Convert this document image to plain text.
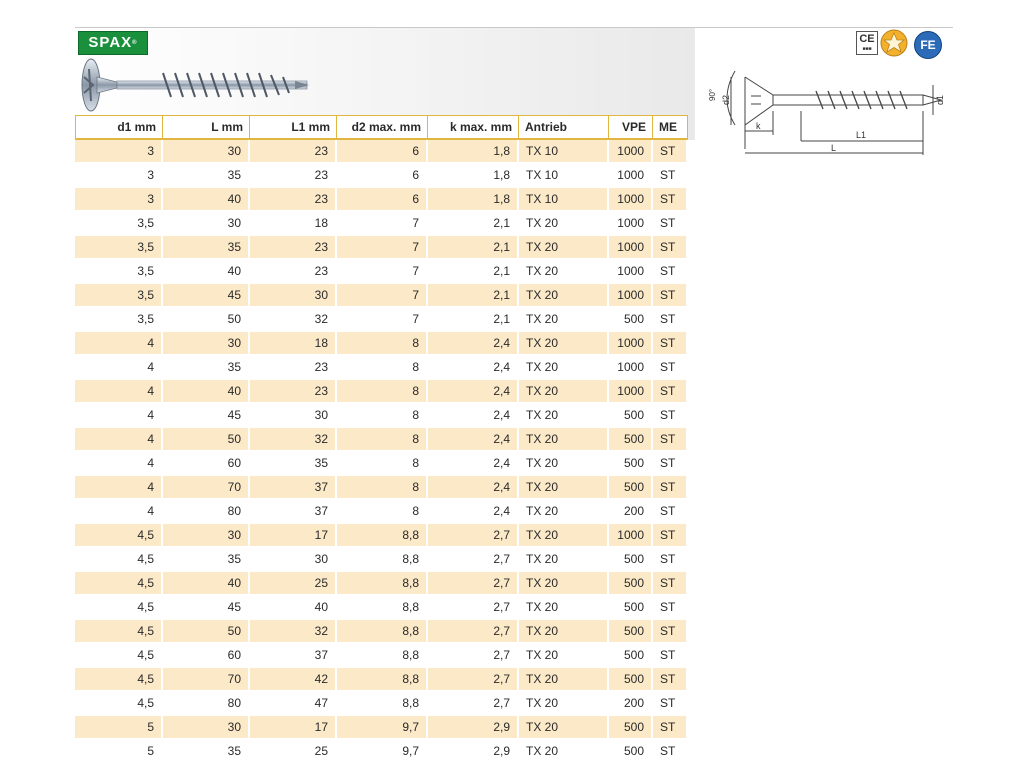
SPAX®	CE
■■■	FE
90° d2	d1
k
L1
L
d1 mm	L mm	L1 mm	d2 max. mm	k max. mm	Antrieb	VPE	ME
3	30	23	6	1,8	TX 10	1000	ST
3	35	23	6	1,8	TX 10	1000	ST
3	40	23	6	1,8	TX 10	1000	ST
3,5	30	18	7	2,1	TX 20	1000	ST
3,5	35	23	7	2,1	TX 20	1000	ST
3,5	40	23	7	2,1	TX 20	1000	ST
3,5	45	30	7	2,1	TX 20	1000	ST
3,5	50	32	7	2,1	TX 20	500	ST
4	30	18	8	2,4	TX 20	1000	ST
4	35	23	8	2,4	TX 20	1000	ST
4	40	23	8	2,4	TX 20	1000	ST
4	45	30	8	2,4	TX 20	500	ST
4	50	32	8	2,4	TX 20	500	ST
4	60	35	8	2,4	TX 20	500	ST
4	70	37	8	2,4	TX 20	500	ST
4	80	37	8	2,4	TX 20	200	ST
4,5	30	17	8,8	2,7	TX 20	1000	ST
4,5	35	30	8,8	2,7	TX 20	500	ST
4,5	40	25	8,8	2,7	TX 20	500	ST
4,5	45	40	8,8	2,7	TX 20	500	ST
4,5	50	32	8,8	2,7	TX 20	500	ST
4,5	60	37	8,8	2,7	TX 20	500	ST
4,5	70	42	8,8	2,7	TX 20	500	ST
4,5	80	47	8,8	2,7	TX 20	200	ST
5	30	17	9,7	2,9	TX 20	500	ST
5	35	25	9,7	2,9	TX 20	500	ST
